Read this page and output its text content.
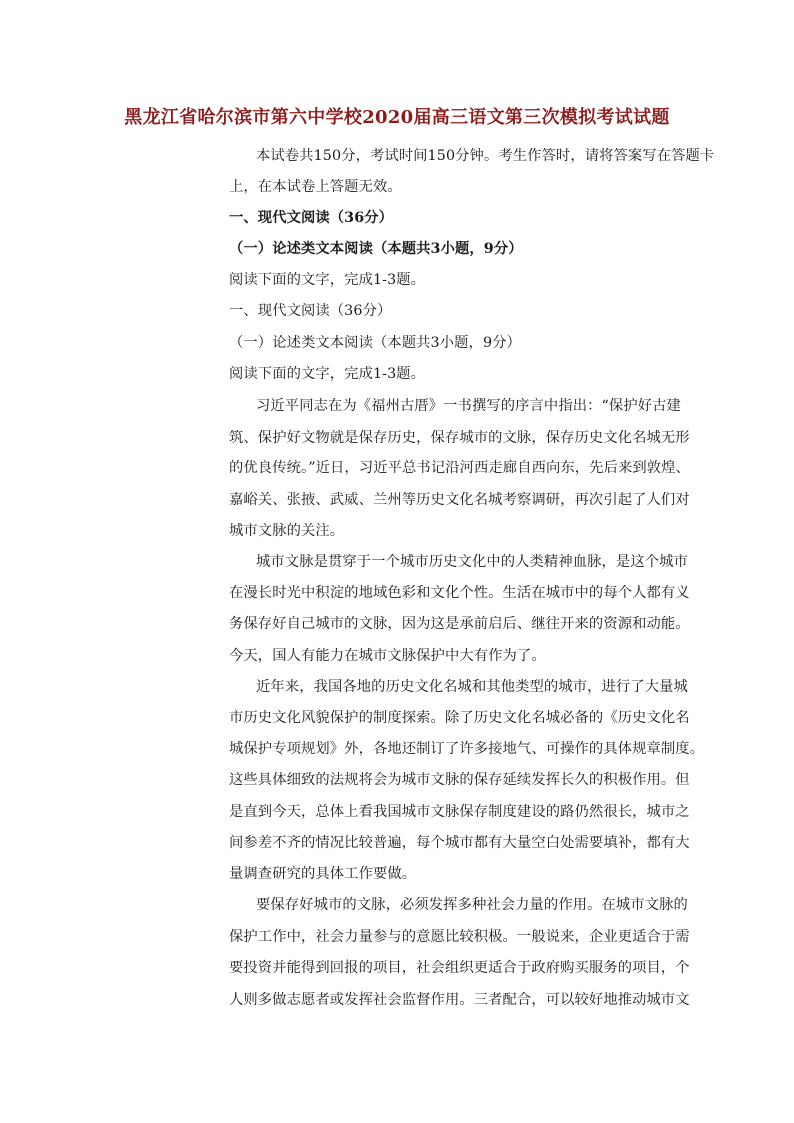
黑龙江省哈尔滨市第六中学校2020届高三语文第三次模拟考试试题
本试卷共150分，考试时间150分钟。考生作答时，请将答案写在答题卡
上，在本试卷上答题无效。
一、现代文阅读（36分）
（一）论述类文本阅读（本题共3小题，9分）
阅读下面的文字，完成1-3题。
一、现代文阅读（36分）
（一）论述类文本阅读（本题共3小题，9分）
阅读下面的文字，完成1-3题。
习近平同志在为《福州古厝》一书撰写的序言中指出：“保护好古建
筑、保护好文物就是保存历史，保存城市的文脉，保存历史文化名城无形
的优良传统。”近日，习近平总书记沿河西走廊自西向东，先后来到敦煌、
嘉峪关、张掖、武威、兰州等历史文化名城考察调研，再次引起了人们对
城市文脉的关注。
城市文脉是贯穿于一个城市历史文化中的人类精神血脉，是这个城市
在漫长时光中积淀的地域色彩和文化个性。生活在城市中的每个人都有义
务保存好自己城市的文脉，因为这是承前启后、继往开来的资源和动能。
今天，国人有能力在城市文脉保护中大有作为了。
近年来，我国各地的历史文化名城和其他类型的城市，进行了大量城
市历史文化风貌保护的制度探索。除了历史文化名城必备的《历史文化名
城保护专项规划》外，各地还制订了许多接地气、可操作的具体规章制度。
这些具体细致的法规将会为城市文脉的保存延续发挥长久的积极作用。但
是直到今天，总体上看我国城市文脉保存制度建设的路仍然很长，城市之
间参差不齐的情况比较普遍，每个城市都有大量空白处需要填补，都有大
量调查研究的具体工作要做。
要保存好城市的文脉，必须发挥多种社会力量的作用。在城市文脉的
保护工作中，社会力量参与的意愿比较积极。一般说来，企业更适合于需
要投资并能得到回报的项目，社会组织更适合于政府购买服务的项目，个
人则多做志愿者或发挥社会监督作用。三者配合，可以较好地推动城市文
